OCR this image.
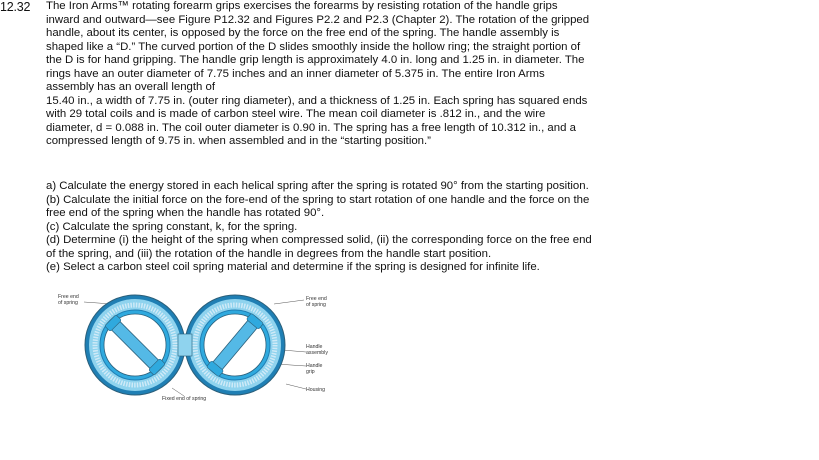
12.32 The Iron Arms™ rotating forearm grips exercises the forearms by resisting rotation of the handle grips
inward and outward—see Figure P12.32 and Figures P2.2 and P2.3 (Chapter 2). The rotation of the gripped
handle, about its center, is opposed by the force on the free end of the spring. The handle assembly is
shaped like a “D.” The curved portion of the D slides smoothly inside the hollow ring; the straight portion of
the D is for hand gripping. The handle grip length is approximately 4.0 in. long and 1.25 in. in diameter. The
rings have an outer diameter of 7.75 inches and an inner diameter of 5.375 in. The entire Iron Arms
assembly has an overall length of
15.40 in., a width of 7.75 in. (outer ring diameter), and a thickness of 1.25 in. Each spring has squared ends
with 29 total coils and is made of carbon steel wire. The mean coil diameter is .812 in., and the wire
diameter, d = 0.088 in. The coil outer diameter is 0.90 in. The spring has a free length of 10.312 in., and a
compressed length of 9.75 in. when assembled and in the “starting position.”
a) Calculate the energy stored in each helical spring after the spring is rotated 90° from the starting position.
(b) Calculate the initial force on the fore-end of the spring to start rotation of one handle and the force on the
free end of the spring when the handle has rotated 90°.
(c) Calculate the spring constant, k, for the spring.
(d) Determine (i) the height of the spring when compressed solid, (ii) the corresponding force on the free end
of the spring, and (iii) the rotation of the handle in degrees from the handle start position.
(e) Select a carbon steel coil spring material and determine if the spring is designed for infinite life.
Free end
of spring
Free end
of spring
Handle
assembly
Handle
grip
Housing
Fixed end of spring
